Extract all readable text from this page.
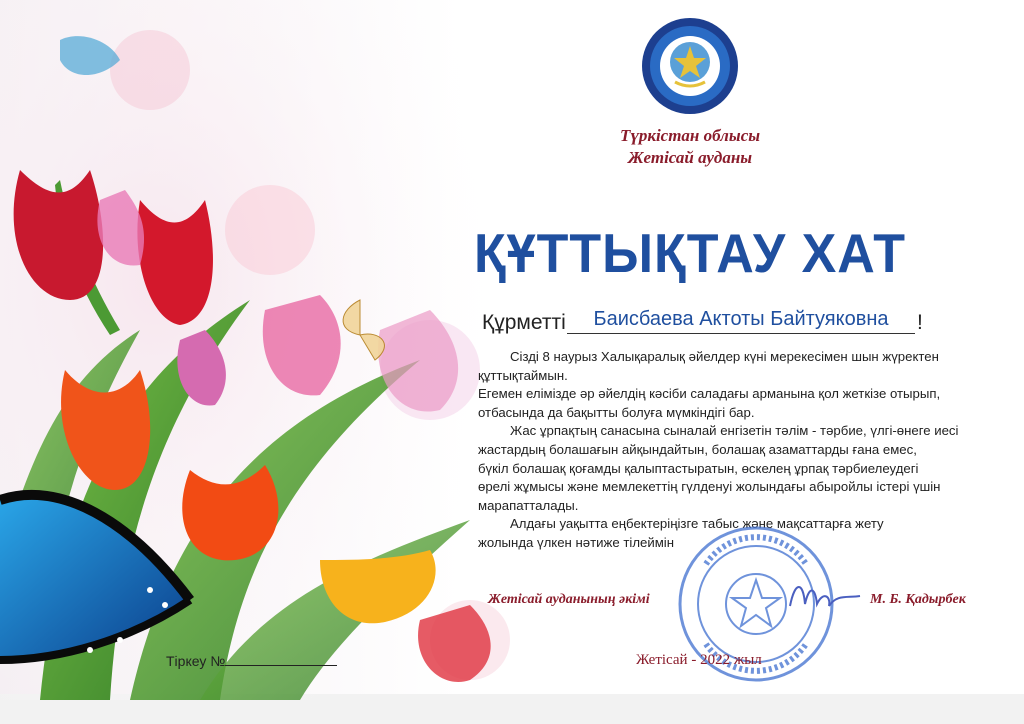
Түркістан облысы
Жетісай ауданы
ҚҰТТЫҚТАУ ХАТ
Құрметті	Баисбаева Актоты Байтуяковна	!
Сізді 8 наурыз Халықаралық әйелдер күні мерекесімен шын жүректен
құттықтаймын.
Егемен елімізде әр әйелдің кәсіби саладағы арманына қол жеткізе отырып,
отбасында да бақытты болуға мүмкіндігі бар.
Жас ұрпақтың санасына сыналай енгізетін тәлім - тәрбие, үлгі-өнеге иесі
жастардың болашағын айқындайтын, болашақ азаматтарды ғана емес,
бүкіл болашақ қоғамды қалыптастыратын, өскелең ұрпақ тәрбиелеудегі
өрелі жұмысы және мемлекеттің гүлденуі жолындағы абыройлы істері үшін
марапатталады.
Алдағы уақытта еңбектеріңізге табыс және мақсаттарға жету
жолында үлкен нәтиже тілеймін
Жетісай ауданының әкімі	М. Б. Қадырбек
Жетісай - 2022 жыл
Тіркеу №
